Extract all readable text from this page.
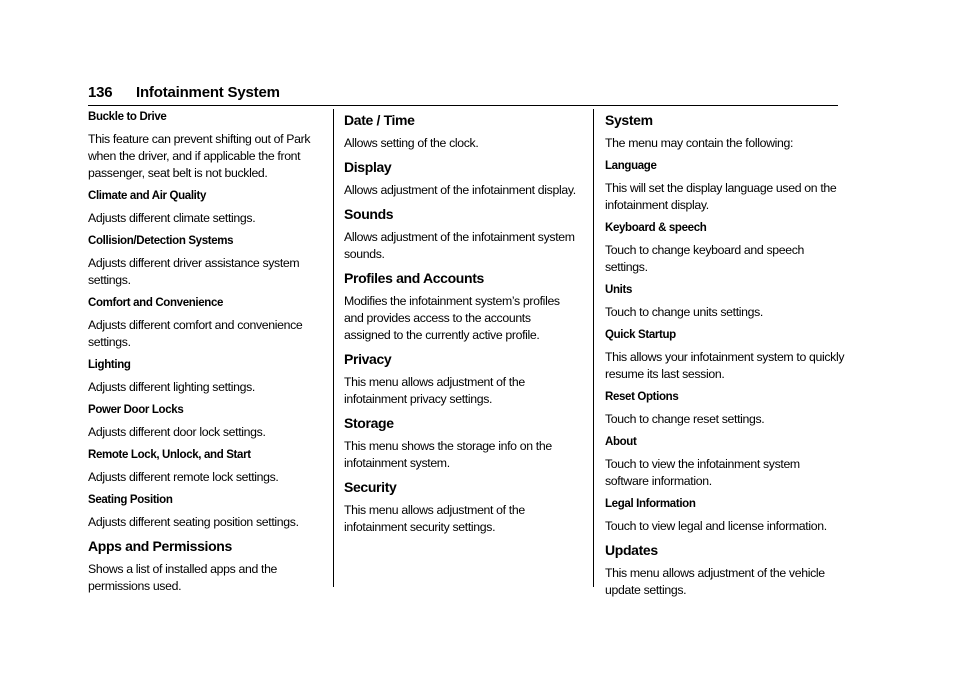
136 Infotainment System
Buckle to Drive
This feature can prevent shifting out of Park when the driver, and if applicable the front passenger, seat belt is not buckled.
Climate and Air Quality
Adjusts different climate settings.
Collision/Detection Systems
Adjusts different driver assistance system settings.
Comfort and Convenience
Adjusts different comfort and convenience settings.
Lighting
Adjusts different lighting settings.
Power Door Locks
Adjusts different door lock settings.
Remote Lock, Unlock, and Start
Adjusts different remote lock settings.
Seating Position
Adjusts different seating position settings.
Apps and Permissions
Shows a list of installed apps and the permissions used.
Date / Time
Allows setting of the clock.
Display
Allows adjustment of the infotainment display.
Sounds
Allows adjustment of the infotainment system sounds.
Profiles and Accounts
Modifies the infotainment system’s profiles and provides access to the accounts assigned to the currently active profile.
Privacy
This menu allows adjustment of the infotainment privacy settings.
Storage
This menu shows the storage info on the infotainment system.
Security
This menu allows adjustment of the infotainment security settings.
System
The menu may contain the following:
Language
This will set the display language used on the infotainment display.
Keyboard & speech
Touch to change keyboard and speech settings.
Units
Touch to change units settings.
Quick Startup
This allows your infotainment system to quickly resume its last session.
Reset Options
Touch to change reset settings.
About
Touch to view the infotainment system software information.
Legal Information
Touch to view legal and license information.
Updates
This menu allows adjustment of the vehicle update settings.
